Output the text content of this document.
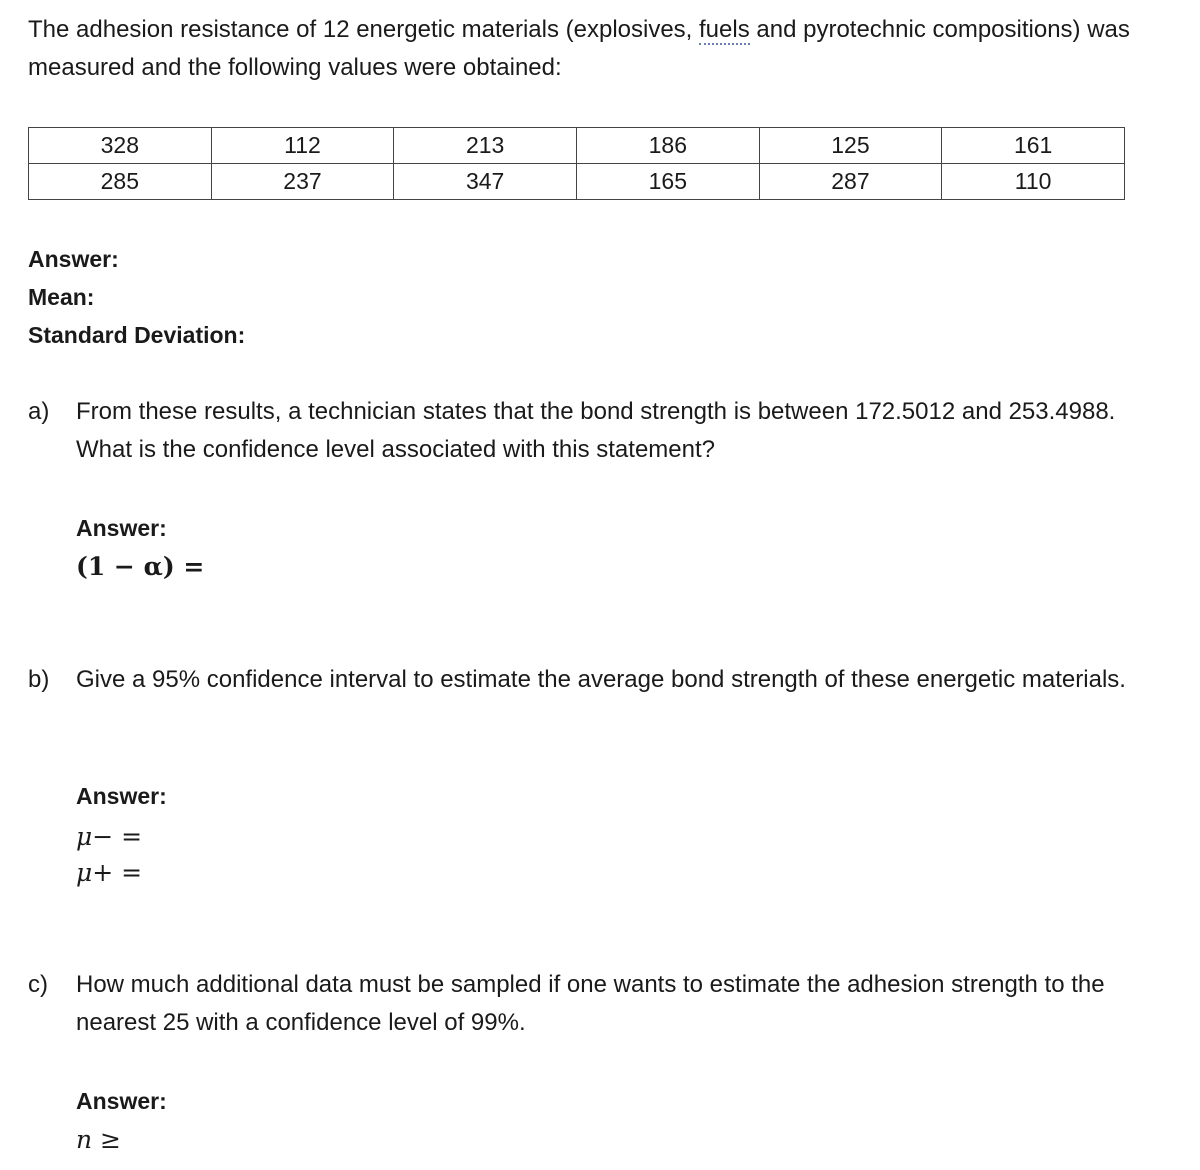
The adhesion resistance of 12 energetic materials (explosives, fuels and pyrotechnic compositions) was measured and the following values were obtained:
328	112	213	186	125	161
285	237	347	165	287	110
Answer:
Mean:
Standard Deviation:
a) From these results, a technician states that the bond strength is between 172.5012 and 253.4988. What is the confidence level associated with this statement?
Answer:
(1 − α) =
b) Give a 95% confidence interval to estimate the average bond strength of these energetic materials.
Answer:
μ− =
μ+ =
c) How much additional data must be sampled if one wants to estimate the adhesion strength to the nearest 25 with a confidence level of 99%.
Answer:
n ≥
